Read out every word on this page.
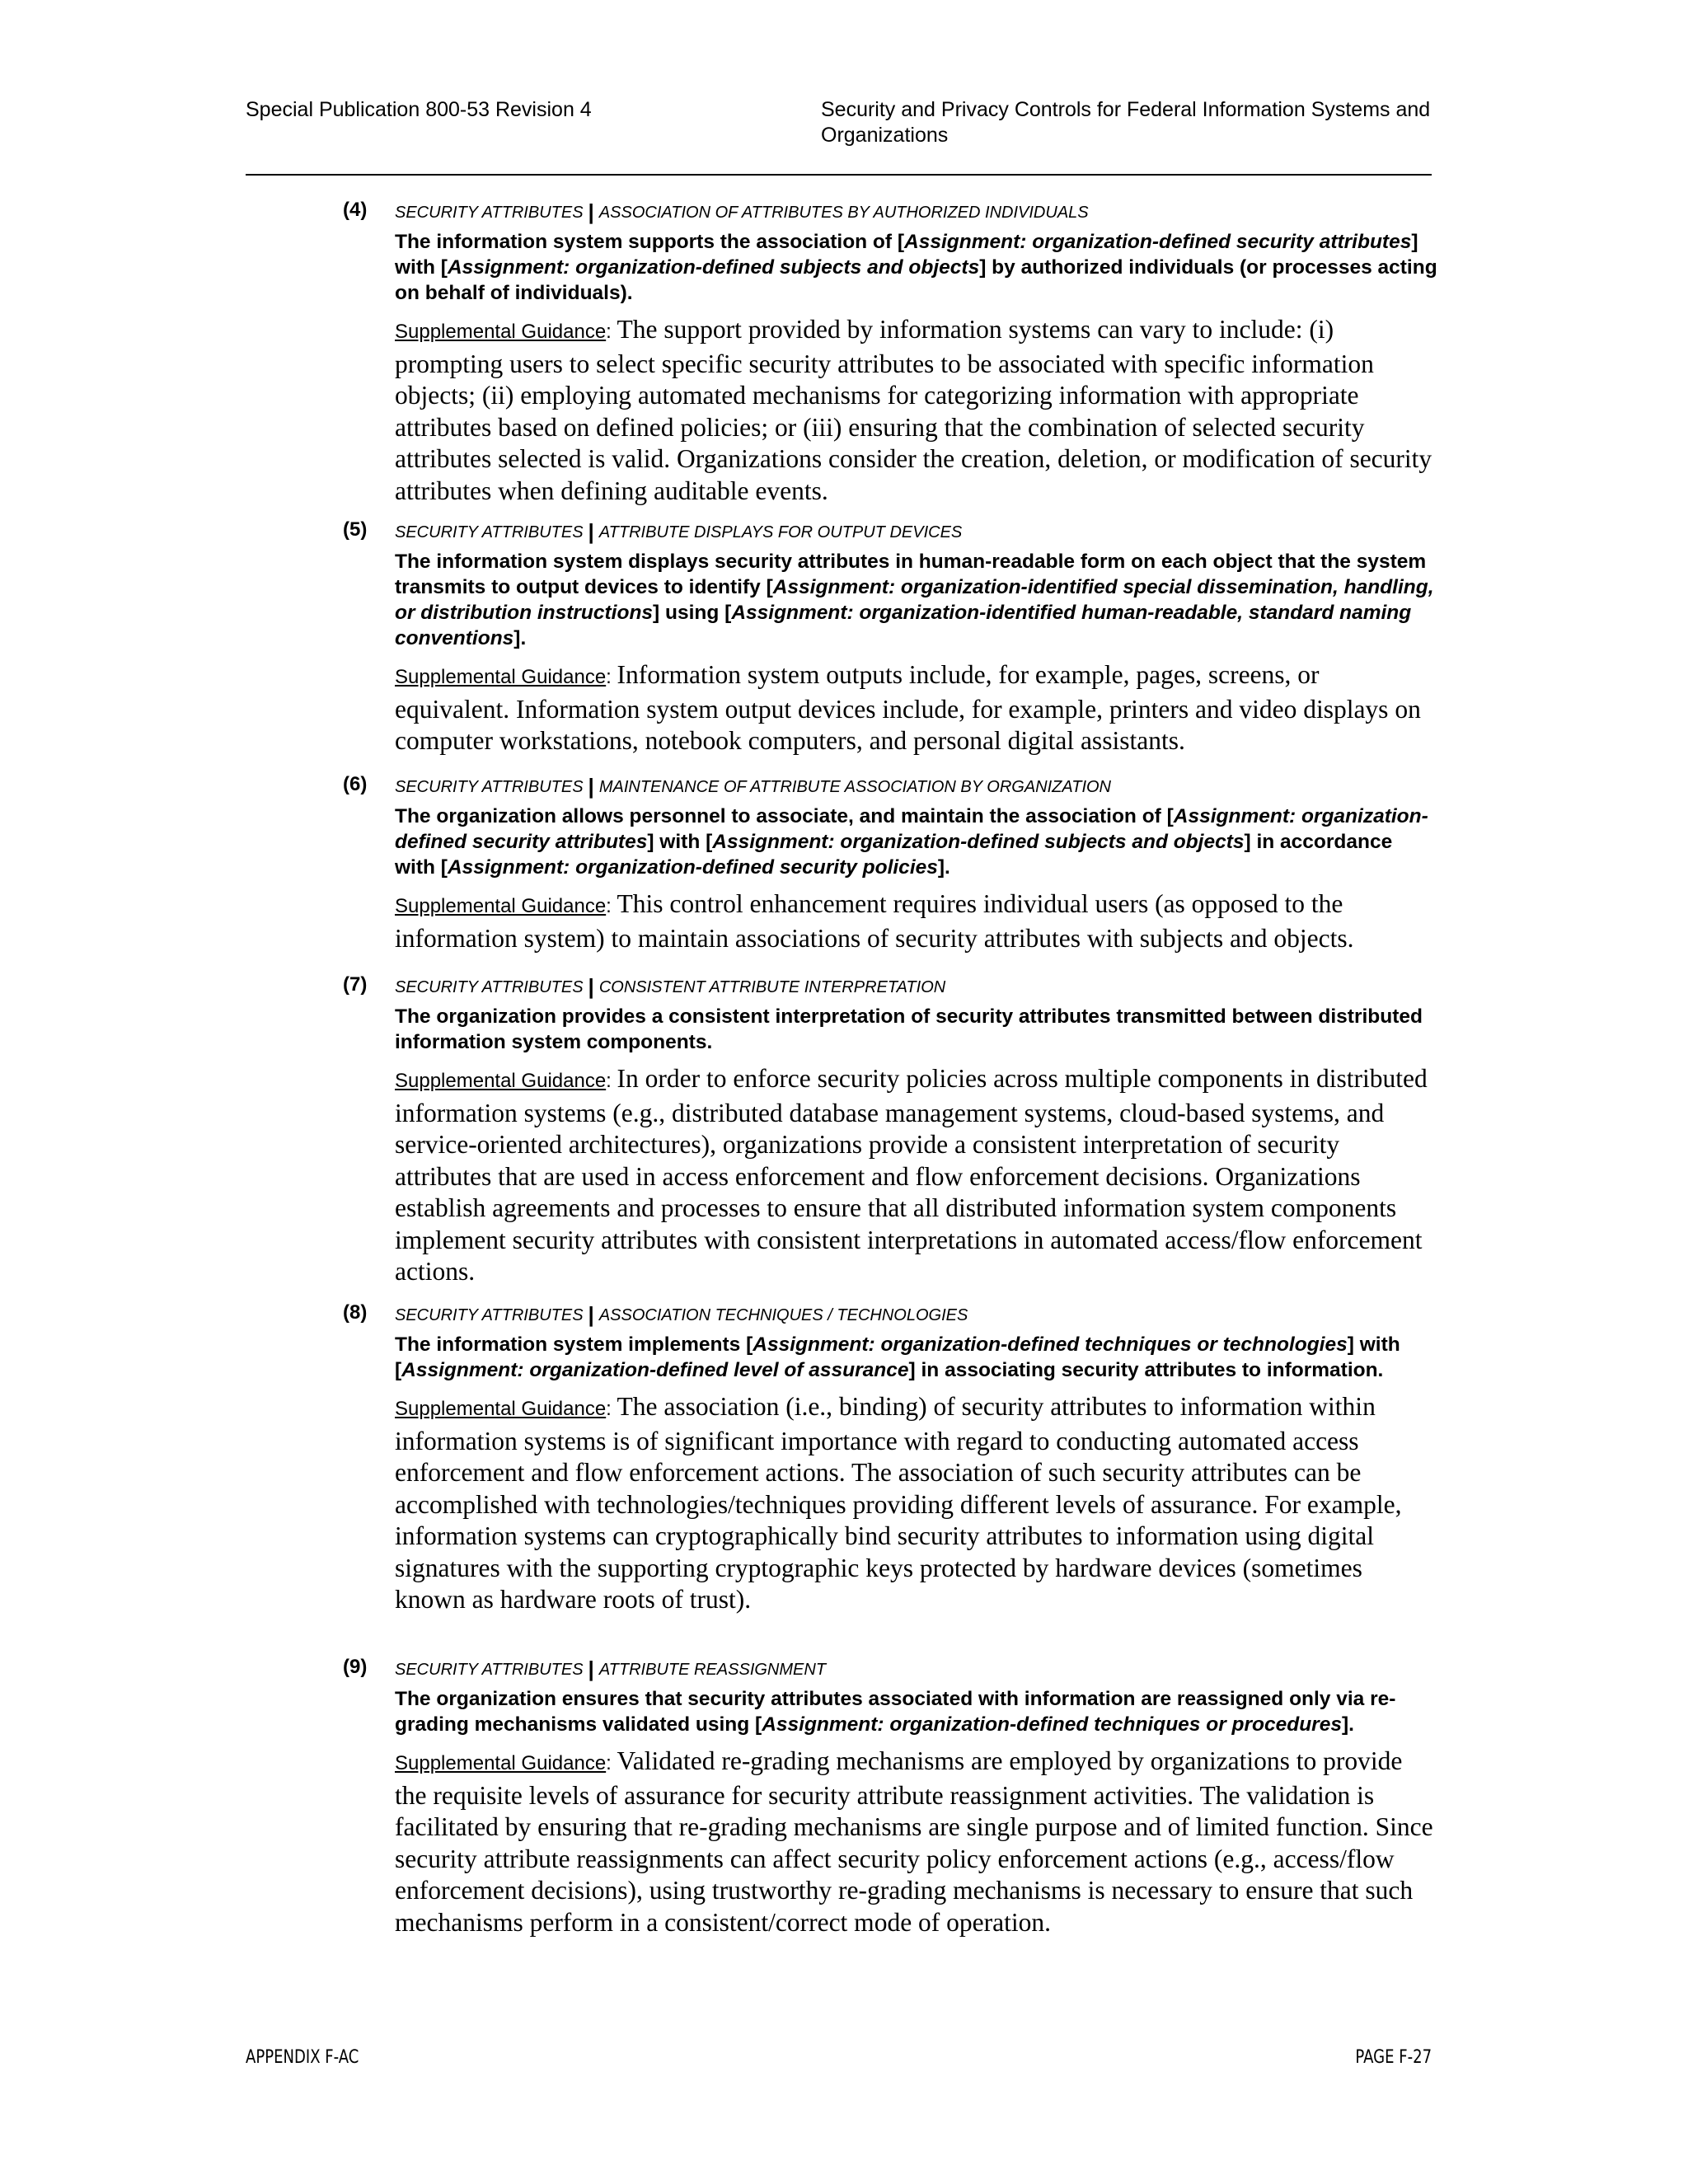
Special Publication 800-53 Revision 4	Security and Privacy Controls for Federal Information Systems and Organizations
(4) SECURITY ATTRIBUTES | ASSOCIATION OF ATTRIBUTES BY AUTHORIZED INDIVIDUALS
The information system supports the association of [Assignment: organization-defined security attributes] with [Assignment: organization-defined subjects and objects] by authorized individuals (or processes acting on behalf of individuals).
Supplemental Guidance: The support provided by information systems can vary to include: (i) prompting users to select specific security attributes to be associated with specific information objects; (ii) employing automated mechanisms for categorizing information with appropriate attributes based on defined policies; or (iii) ensuring that the combination of selected security attributes selected is valid. Organizations consider the creation, deletion, or modification of security attributes when defining auditable events.
(5) SECURITY ATTRIBUTES | ATTRIBUTE DISPLAYS FOR OUTPUT DEVICES
The information system displays security attributes in human-readable form on each object that the system transmits to output devices to identify [Assignment: organization-identified special dissemination, handling, or distribution instructions] using [Assignment: organization-identified human-readable, standard naming conventions].
Supplemental Guidance: Information system outputs include, for example, pages, screens, or equivalent. Information system output devices include, for example, printers and video displays on computer workstations, notebook computers, and personal digital assistants.
(6) SECURITY ATTRIBUTES | MAINTENANCE OF ATTRIBUTE ASSOCIATION BY ORGANIZATION
The organization allows personnel to associate, and maintain the association of [Assignment: organization-defined security attributes] with [Assignment: organization-defined subjects and objects] in accordance with [Assignment: organization-defined security policies].
Supplemental Guidance: This control enhancement requires individual users (as opposed to the information system) to maintain associations of security attributes with subjects and objects.
(7) SECURITY ATTRIBUTES | CONSISTENT ATTRIBUTE INTERPRETATION
The organization provides a consistent interpretation of security attributes transmitted between distributed information system components.
Supplemental Guidance: In order to enforce security policies across multiple components in distributed information systems (e.g., distributed database management systems, cloud-based systems, and service-oriented architectures), organizations provide a consistent interpretation of security attributes that are used in access enforcement and flow enforcement decisions. Organizations establish agreements and processes to ensure that all distributed information system components implement security attributes with consistent interpretations in automated access/flow enforcement actions.
(8) SECURITY ATTRIBUTES | ASSOCIATION TECHNIQUES / TECHNOLOGIES
The information system implements [Assignment: organization-defined techniques or technologies] with [Assignment: organization-defined level of assurance] in associating security attributes to information.
Supplemental Guidance: The association (i.e., binding) of security attributes to information within information systems is of significant importance with regard to conducting automated access enforcement and flow enforcement actions. The association of such security attributes can be accomplished with technologies/techniques providing different levels of assurance. For example, information systems can cryptographically bind security attributes to information using digital signatures with the supporting cryptographic keys protected by hardware devices (sometimes known as hardware roots of trust).
(9) SECURITY ATTRIBUTES | ATTRIBUTE REASSIGNMENT
The organization ensures that security attributes associated with information are reassigned only via re-grading mechanisms validated using [Assignment: organization-defined techniques or procedures].
Supplemental Guidance: Validated re-grading mechanisms are employed by organizations to provide the requisite levels of assurance for security attribute reassignment activities. The validation is facilitated by ensuring that re-grading mechanisms are single purpose and of limited function. Since security attribute reassignments can affect security policy enforcement actions (e.g., access/flow enforcement decisions), using trustworthy re-grading mechanisms is necessary to ensure that such mechanisms perform in a consistent/correct mode of operation.
APPENDIX F-AC	PAGE F-27
